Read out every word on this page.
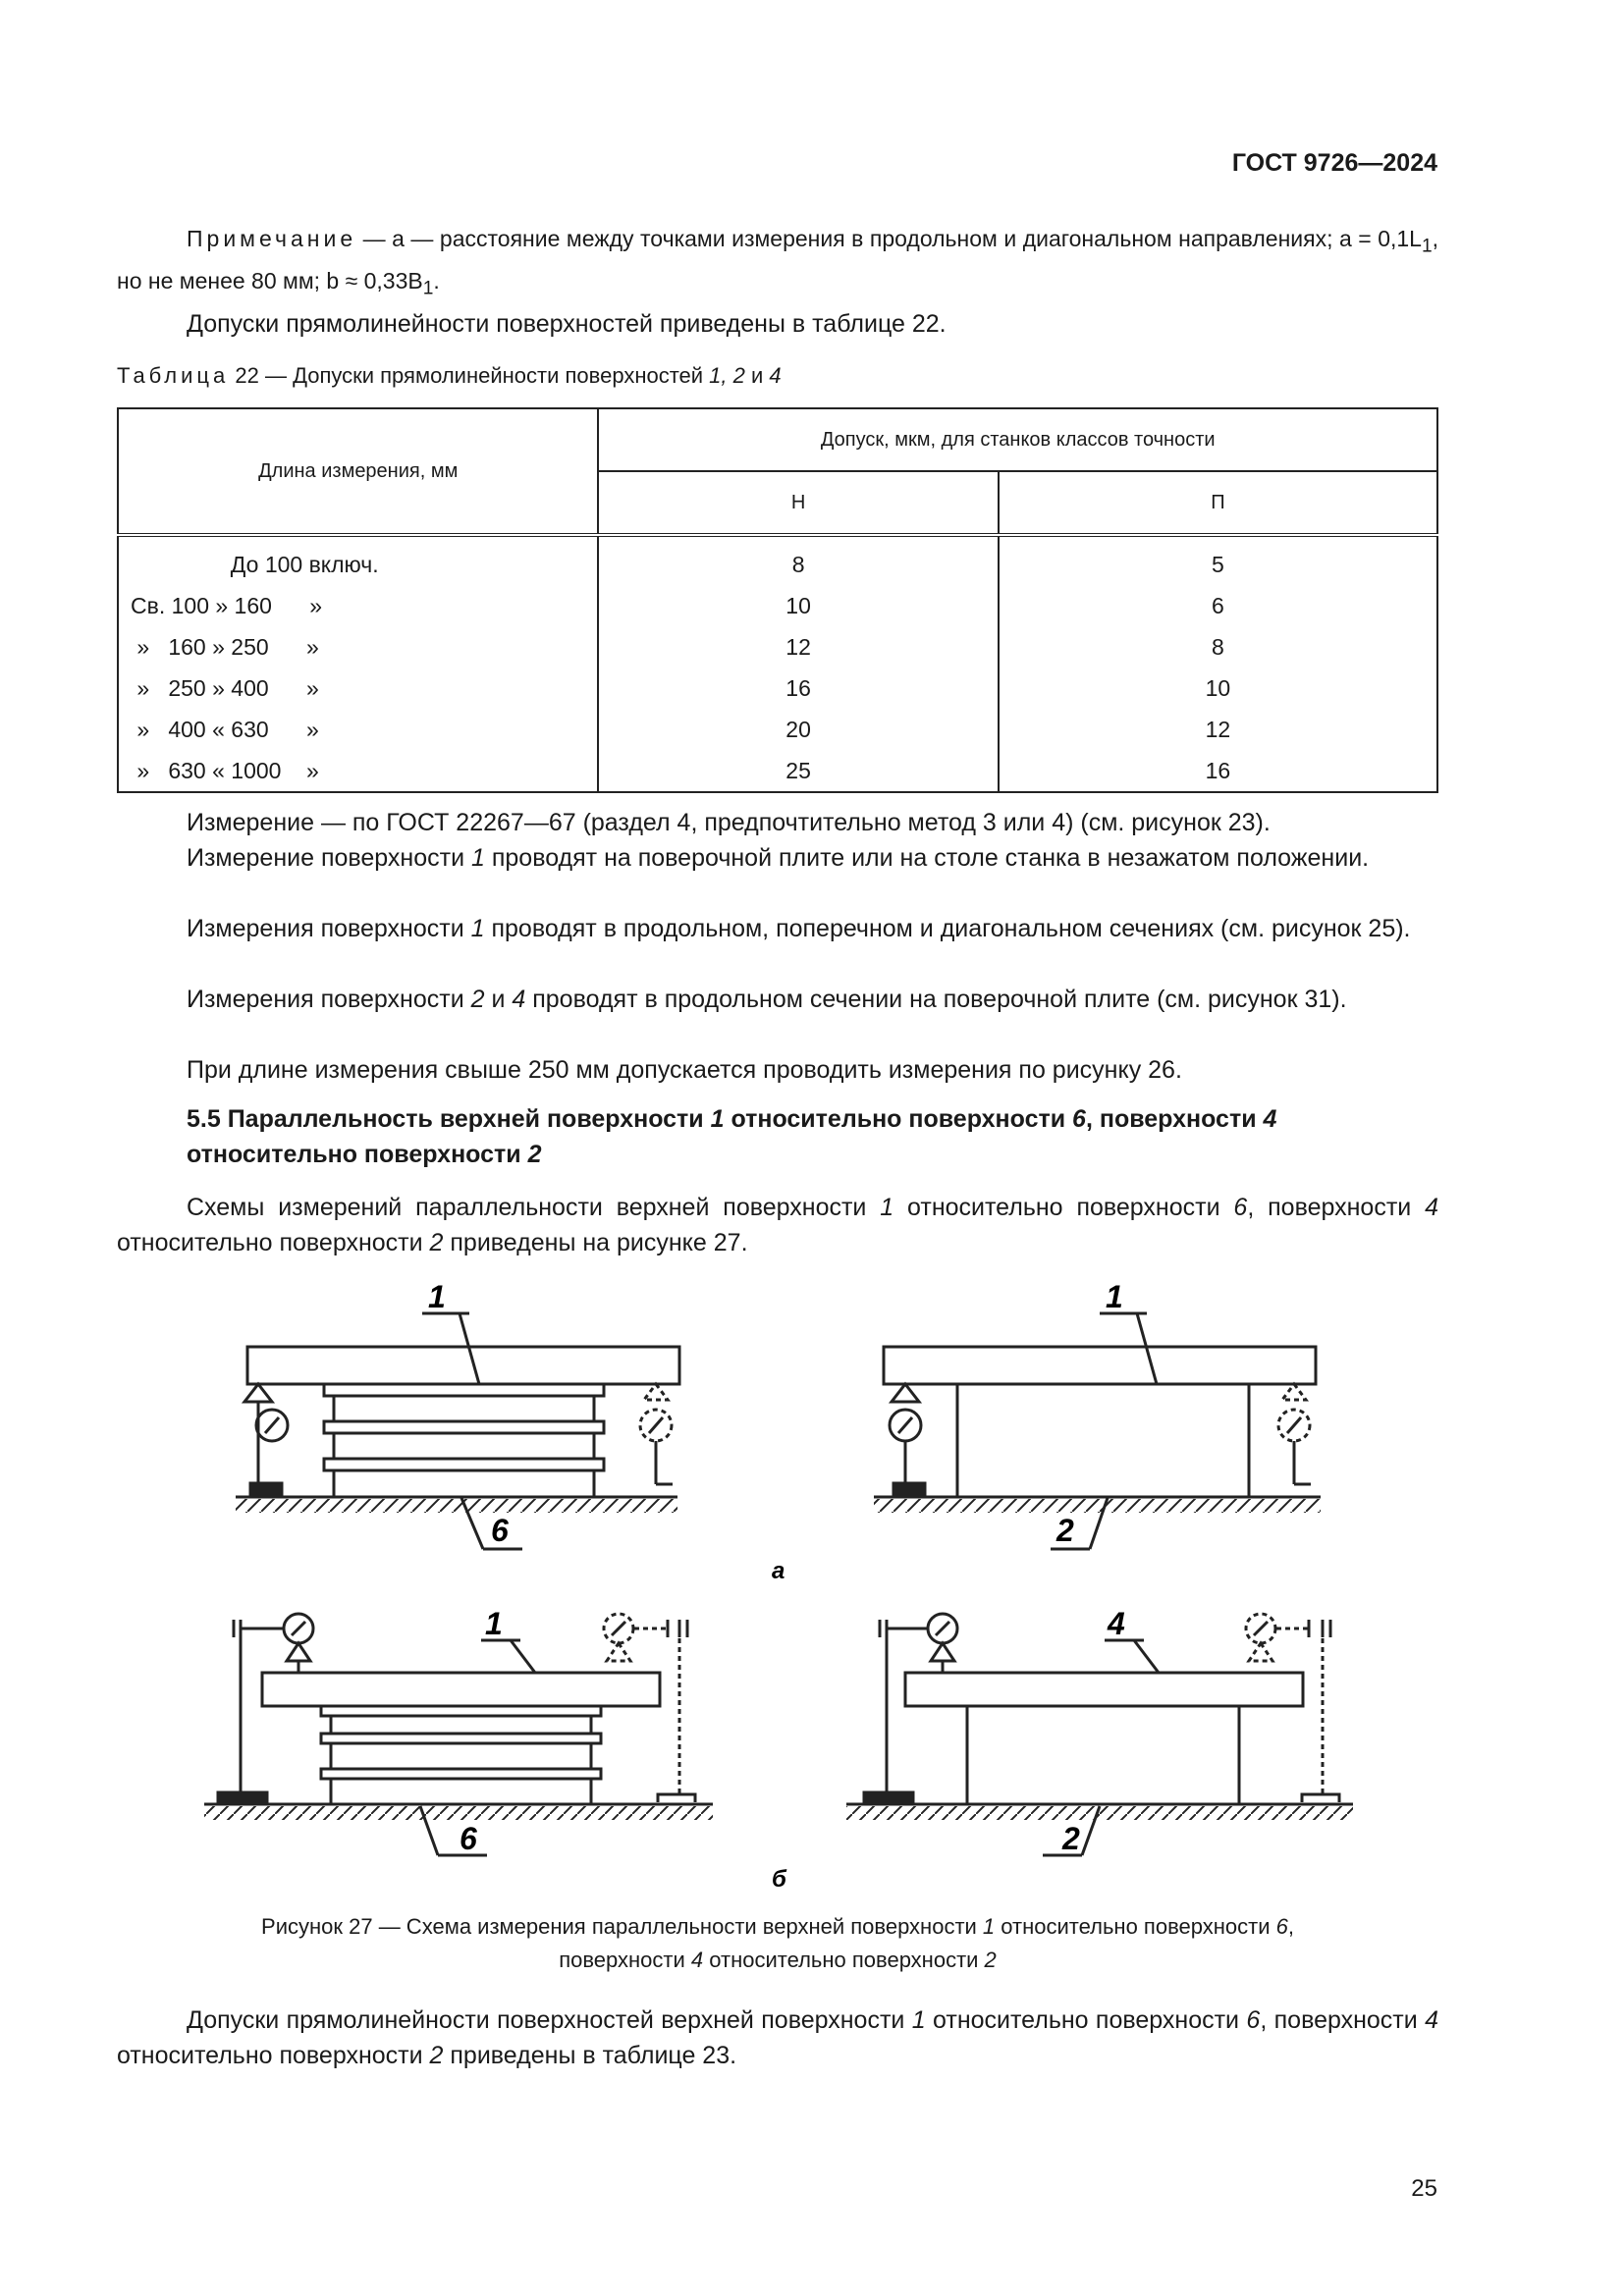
ГОСТ 9726—2024
Примечание — a — расстояние между точками измерения в продольном и диагональном направлениях; $a = 0,1L_1$, но не менее 80 мм; $b \approx 0,33B_1$.
Допуски прямолинейности поверхностей приведены в таблице 22.
Таблица 22 — Допуски прямолинейности поверхностей 1, 2 и 4
Длина измерения, мм	Допуск, мкм, для станков классов точности	
	Н	П
До 100 включ.	8	5
Св. 100 » 160      »	10	6
»   160 » 250      »	12	8
»   250 » 400      »	16	10
»   400 « 630      »	20	12
»   630 « 1000    »	25	16
Измерение — по ГОСТ 22267—67 (раздел 4, предпочтительно метод 3 или 4) (см. рисунок 23).
Измерение поверхности 1 проводят на поверочной плите или на столе станка в незажатом положении.
Измерения поверхности 1 проводят в продольном, поперечном и диагональном сечениях (см. рисунок 25).
Измерения поверхности 2 и 4 проводят в продольном сечении на поверочной плите (см. рисунок 31).
При длине измерения свыше 250 мм допускается проводить измерения по рисунку 26.
5.5 Параллельность верхней поверхности 1 относительно поверхности 6, поверхности 4 относительно поверхности 2
Схемы измерений параллельности верхней поверхности 1 относительно поверхности 6, поверхности 4 относительно поверхности 2 приведены на рисунке 27.
1
6
1
2
а
1
6
4
2
б
Рисунок 27 — Схема измерения параллельности верхней поверхности 1 относительно поверхности 6,
поверхности 4 относительно поверхности 2
Допуски прямолинейности поверхностей верхней поверхности 1 относительно поверхности 6, поверхности 4 относительно поверхности 2 приведены в таблице 23.
25
